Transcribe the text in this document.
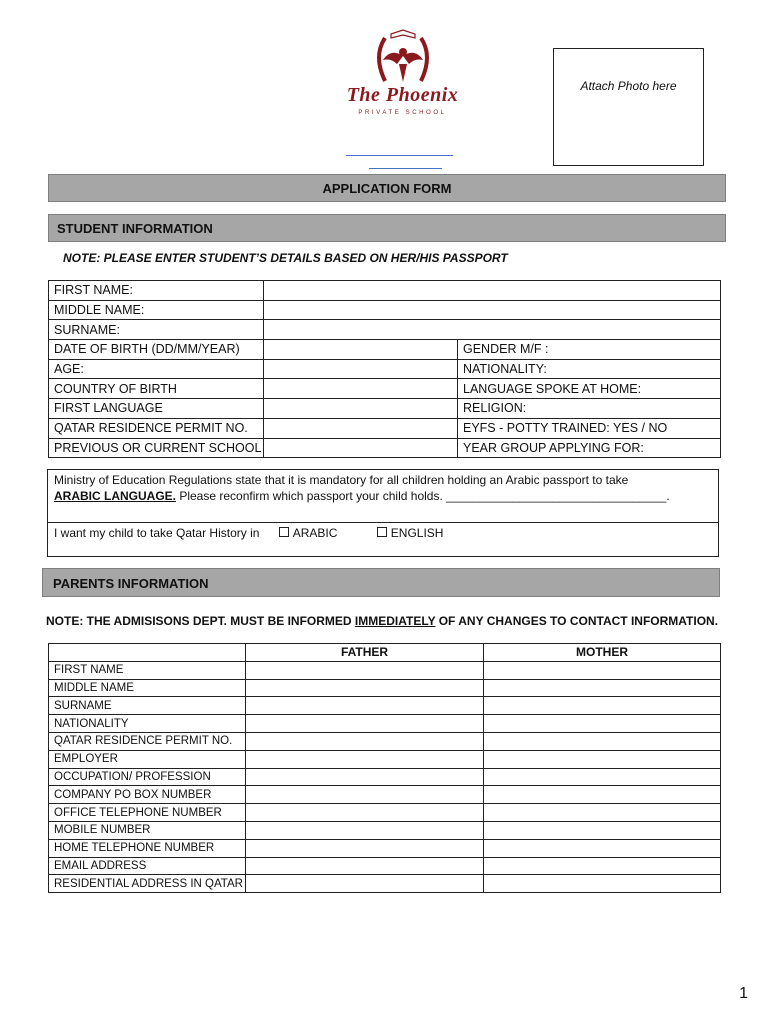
The Phoenix
PRIVATE SCHOOL
Attach Photo here
APPLICATION FORM
STUDENT INFORMATION
NOTE: PLEASE ENTER STUDENT’S DETAILS BASED ON HER/HIS PASSPORT
FIRST NAME:		
MIDDLE NAME:		
SURNAME:		
DATE OF BIRTH (DD/MM/YEAR)		GENDER M/F :
AGE:		NATIONALITY:
COUNTRY OF BIRTH		LANGUAGE SPOKE AT HOME:
FIRST LANGUAGE		RELIGION:
QATAR RESIDENCE PERMIT NO.		EYFS - POTTY TRAINED: YES / NO
PREVIOUS OR CURRENT SCHOOL		YEAR GROUP APPLYING FOR:
Ministry of Education Regulations state that it is mandatory for all children holding an Arabic passport to take
ARABIC LANGUAGE. Please reconfirm which passport your child holds. _________________________________.
I want my child to take Qatar History in	ARABIC	ENGLISH
PARENTS INFORMATION
NOTE: THE ADMISISONS DEPT. MUST BE INFORMED IMMEDIATELY OF ANY CHANGES TO CONTACT INFORMATION.
	FATHER	MOTHER
FIRST NAME		
MIDDLE NAME		
SURNAME		
NATIONALITY		
QATAR RESIDENCE PERMIT NO.		
EMPLOYER		
OCCUPATION/ PROFESSION		
COMPANY PO BOX NUMBER		
OFFICE TELEPHONE NUMBER		
MOBILE NUMBER		
HOME TELEPHONE NUMBER		
EMAIL ADDRESS		
RESIDENTIAL ADDRESS IN QATAR		
1
